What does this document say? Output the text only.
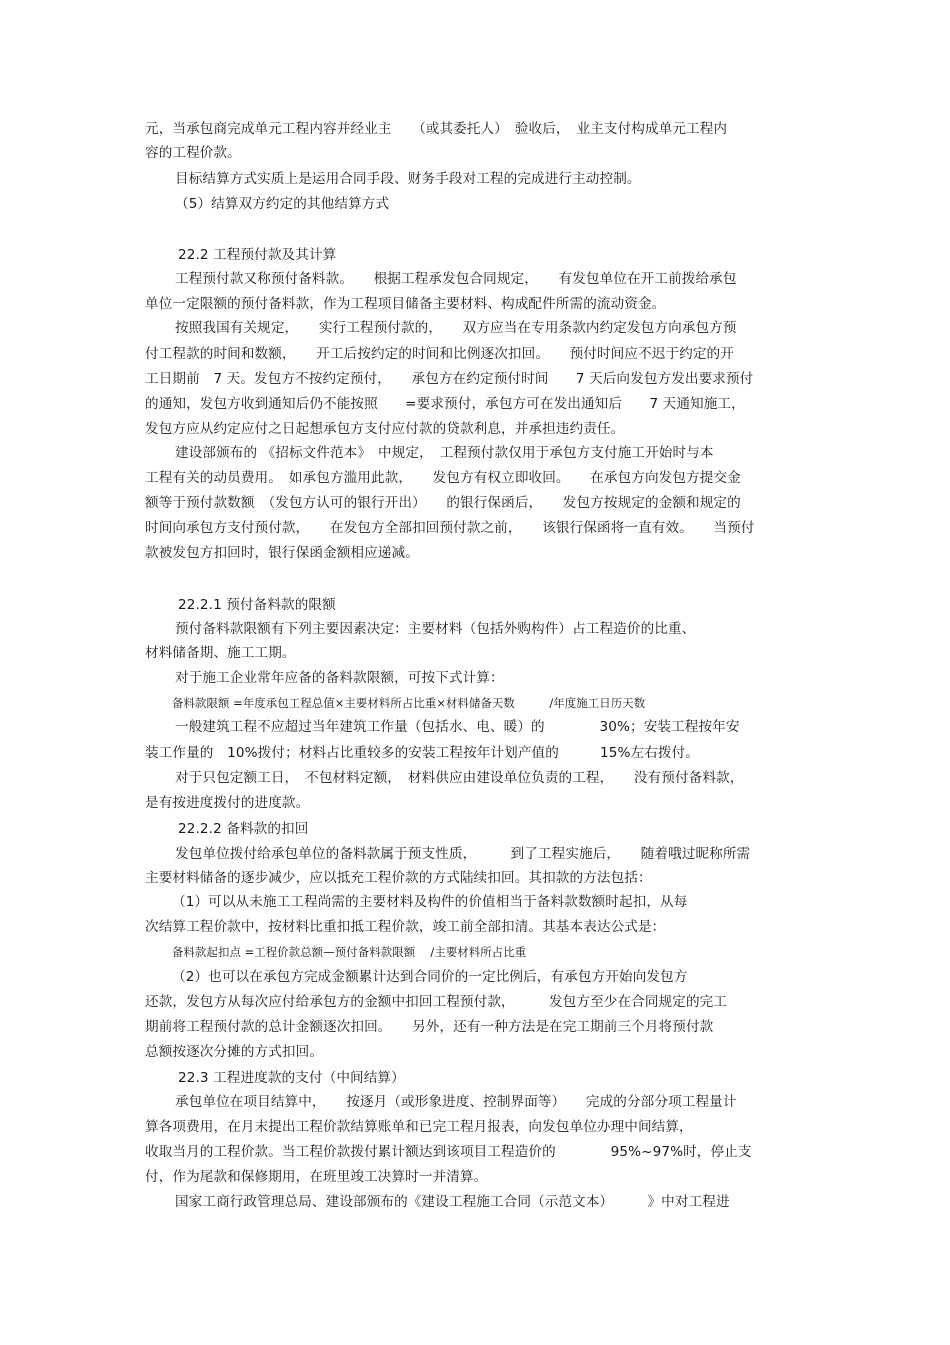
元，当承包商完成单元工程内容并经业主　　（或其委托人）　验收后，　业主支付构成单元工程内
容的工程价款。
目标结算方式实质上是运用合同手段、财务手段对工程的完成进行主动控制。
（5）结算双方约定的其他结算方式
22.2 工程预付款及其计算
工程预付款又称预付备料款。　　根据工程承发包合同规定，　　有发包单位在开工前拨给承包
单位一定限额的预付备料款，作为工程项目储备主要材料、构成配件所需的流动资金。
按照我国有关规定，　　实行工程预付款的，　　双方应当在专用条款内约定发包方向承包方预
付工程款的时间和数额，　　开工后按约定的时间和比例逐次扣回。　　预付时间应不迟于约定的开
工日期前　7 天。发包方不按约定预付，　　承包方在约定预付时间　　7 天后向发包方发出要求预付
的通知，发包方收到通知后仍不能按照　　=要求预付，承包方可在发出通知后　　7 天通知施工，
发包方应从约定应付之日起想承包方支付应付款的贷款利息，并承担违约责任。
建设部颁布的 《招标文件范本》　中规定，　工程预付款仅用于承包方支付施工开始时与本
工程有关的动员费用。　如承包方滥用此款，　　发包方有权立即收回。　　在承包方向发包方提交金
额等于预付款数额　（发包方认可的银行开出）　　的银行保函后，　　发包方按规定的金额和规定的
时间向承包方支付预付款，　　在发包方全部扣回预付款之前，　　该银行保函将一直有效。　　当预付
款被发包方扣回时，银行保函金额相应递减。
22.2.1 预付备料款的限额
预付备料款限额有下列主要因素决定：主要材料（包括外购构件）占工程造价的比重、
材料储备期、施工工期。
对于施工企业常年应备的备料款限额，可按下式计算：
备料款限额 =年度承包工程总值×主要材料所占比重×材料储备天数　　　/年度施工日历天数
一般建筑工程不应超过当年建筑工作量（包括水、电、暖）的　　　　30%；安装工程按年安
装工作量的　10%拨付；材料占比重较多的安装工程按年计划产值的　　　15%左右拨付。
对于只包定额工日，　不包材料定额，　材料供应由建设单位负责的工程，　　没有预付备料款，
是有按进度拨付的进度款。
22.2.2 备料款的扣回
发包单位拨付给承包单位的备料款属于预支性质，　　　到了工程实施后，　　随着哦过昵称所需
主要材料储备的逐步减少，应以抵充工程价款的方式陆续扣回。其扣款的方法包括：
（1）可以从未施工工程尚需的主要材料及构件的价值相当于备料款数额时起扣，从每
次结算工程价款中，按材料比重扣抵工程价款，竣工前全部扣清。其基本表达公式是：
备料款起扣点 =工程价款总额—预付备料款限额　 /主要材料所占比重
（2）也可以在承包方完成金额累计达到合同价的一定比例后，有承包方开始向发包方
还款，发包方从每次应付给承包方的金额中扣回工程预付款，　　　发包方至少在合同规定的完工
期前将工程预付款的总计金额逐次扣回。　　另外，还有一种方法是在完工期前三个月将预付款
总额按逐次分摊的方式扣回。
22.3 工程进度款的支付（中间结算）
承包单位在项目结算中，　　按逐月（或形象进度、控制界面等）　　完成的分部分项工程量计
算各项费用，在月末提出工程价款结算账单和已完工程月报表，向发包单位办理中间结算，
收取当月的工程价款。当工程价款拨付累计额达到该项目工程造价的　　　　95%~97%时，停止支
付，作为尾款和保修期用，在班里竣工决算时一并清算。
国家工商行政管理总局、建设部颁布的《建设工程施工合同（示范文本）　　　》中对工程进
